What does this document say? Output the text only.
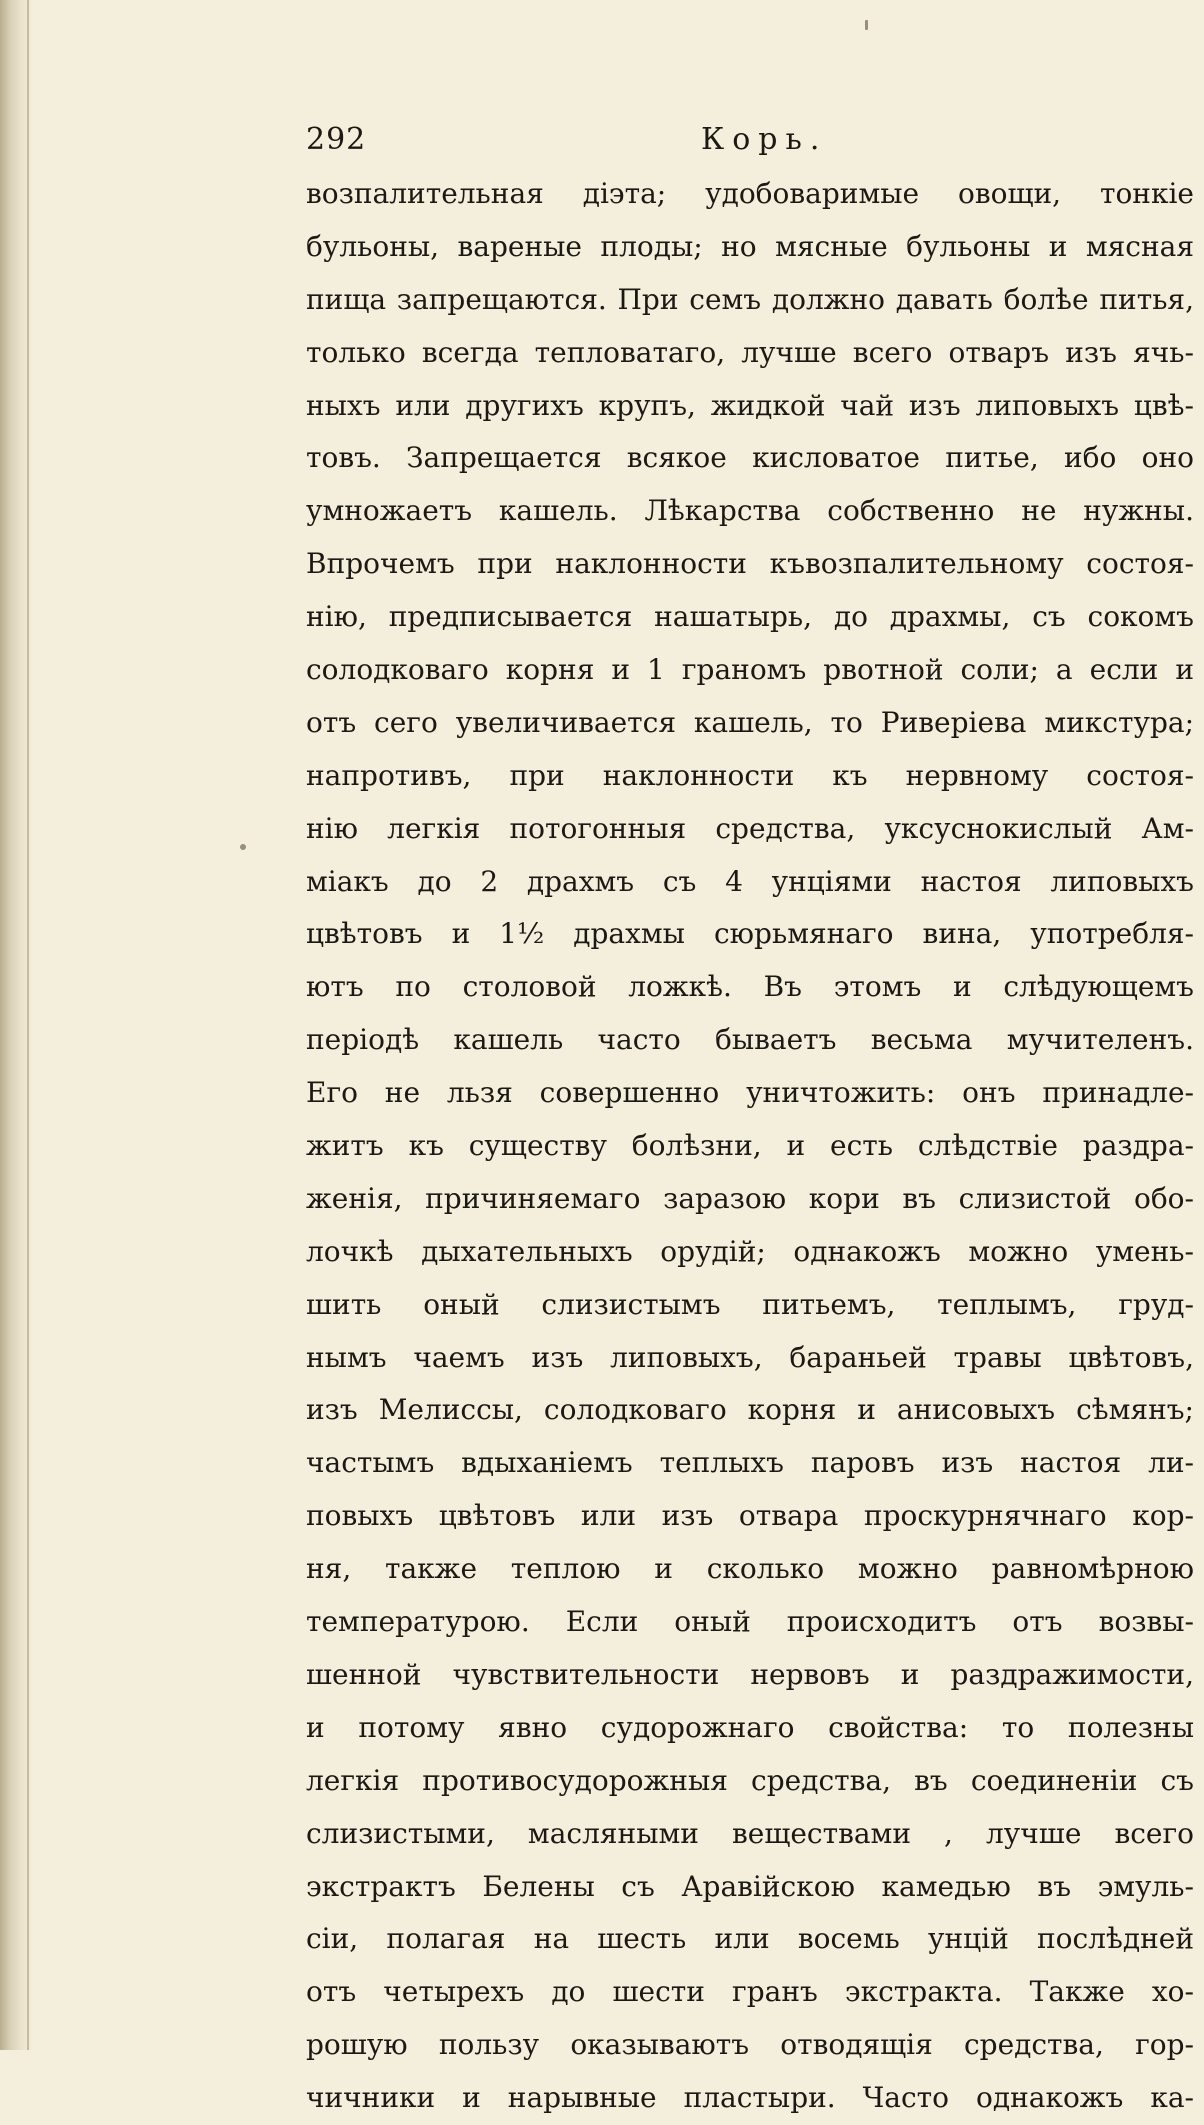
292	Корь.
возпалительная діэта; удобоваримые овощи, тонкіе
бульоны, вареные плоды; но мясные бульоны и мясная
пища запрещаются. При семъ должно давать болѣе питья,
только всегда тепловатаго, лучше всего отваръ изъ ячь-
ныхъ или другихъ крупъ, жидкой чай изъ липовыхъ цвѣ-
товъ. Запрещается всякое кисловатое питье, ибо оно
умножаетъ кашель. Лѣкарства собственно не нужны.
Впрочемъ при наклонности къвозпалительному состоя-
нію, предписывается нашатырь, до драхмы, съ сокомъ
солодковаго корня и 1 граномъ рвотной соли; а если и
отъ сего увеличивается кашель, то Риверіева микстура;
напротивъ, при наклонности къ нервному состоя-
нію легкія потогонныя средства, уксуснокислый Ам-
міакъ до 2 драхмъ съ 4 унціями настоя липовыхъ
цвѣтовъ и 1½ драхмы сюрьмянаго вина, употребля-
ютъ по столовой ложкѣ. Въ этомъ и слѣдующемъ
періодѣ кашель часто бываетъ весьма мучителенъ.
Его не льзя совершенно уничтожить: онъ принадле-
житъ къ существу болѣзни, и есть слѣдствіе раздра-
женія, причиняемаго заразою кори въ слизистой обо-
лочкѣ дыхательныхъ орудій; однакожъ можно умень-
шить оный слизистымъ питьемъ, теплымъ, груд-
нымъ чаемъ изъ липовыхъ, бараньей травы цвѣтовъ,
изъ Мелиссы, солодковаго корня и анисовыхъ сѣмянъ;
частымъ вдыханіемъ теплыхъ паровъ изъ настоя ли-
повыхъ цвѣтовъ или изъ отвара проскурнячнаго кор-
ня, также теплою и сколько можно равномѣрною
температурою. Если оный происходитъ отъ возвы-
шенной чувствительности нервовъ и раздражимости,
и потому явно судорожнаго свойства: то полезны
легкія противосудорожныя средства, въ соединеніи съ
слизистыми, масляными веществами , лучше всего
экстрактъ Белены съ Аравійскою камедью въ эмуль-
сіи, полагая на шесть или восемь унцій послѣдней
отъ четырехъ до шести гранъ экстракта. Также хо-
рошую пользу оказываютъ отводящія средства, гор-
чичники и нарывные пластыри. Часто однакожъ ка-
